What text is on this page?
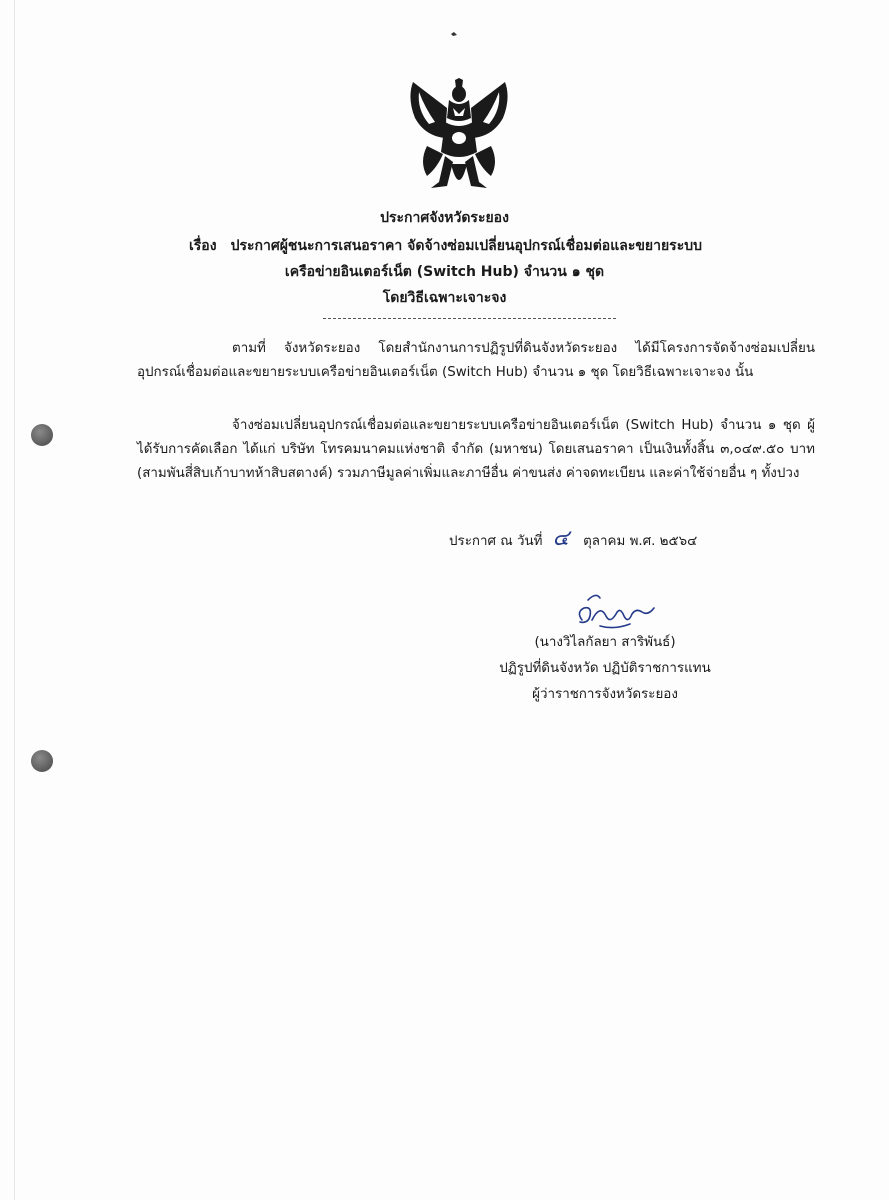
ประกาศจังหวัดระยอง
เรื่อง ประกาศผู้ชนะการเสนอราคา จัดจ้างซ่อมเปลี่ยนอุปกรณ์เชื่อมต่อและขยายระบบ
เครือข่ายอินเตอร์เน็ต (Switch Hub) จำนวน ๑ ชุด
โดยวิธีเฉพาะเจาะจง

ตามที่ จังหวัดระยอง โดยสำนักงานการปฏิรูปที่ดินจังหวัดระยอง ได้มีโครงการจัดจ้างซ่อมเปลี่ยนอุปกรณ์เชื่อมต่อและขยายระบบเครือข่ายอินเตอร์เน็ต (Switch Hub) จำนวน ๑ ชุด โดยวิธีเฉพาะเจาะจง นั้น

จ้างซ่อมเปลี่ยนอุปกรณ์เชื่อมต่อและขยายระบบเครือข่ายอินเตอร์เน็ต (Switch Hub) จำนวน ๑ ชุด ผู้ได้รับการคัดเลือก ได้แก่ บริษัท โทรคมนาคมแห่งชาติ จำกัด (มหาชน) โดยเสนอราคา เป็นเงินทั้งสิ้น ๓,๐๔๙.๕๐ บาท (สามพันสี่สิบเก้าบาทห้าสิบสตางค์) รวมภาษีมูลค่าเพิ่มและภาษีอื่น ค่าขนส่ง ค่าจดทะเบียน และค่าใช้จ่ายอื่น ๆ ทั้งปวง

ประกาศ ณ วันที่ ๔ ตุลาคม พ.ศ. ๒๕๖๔
(นางวิไลกัลยา สาริพันธ์)
ปฏิรูปที่ดินจังหวัด ปฏิบัติราชการแทน
ผู้ว่าราชการจังหวัดระยอง
